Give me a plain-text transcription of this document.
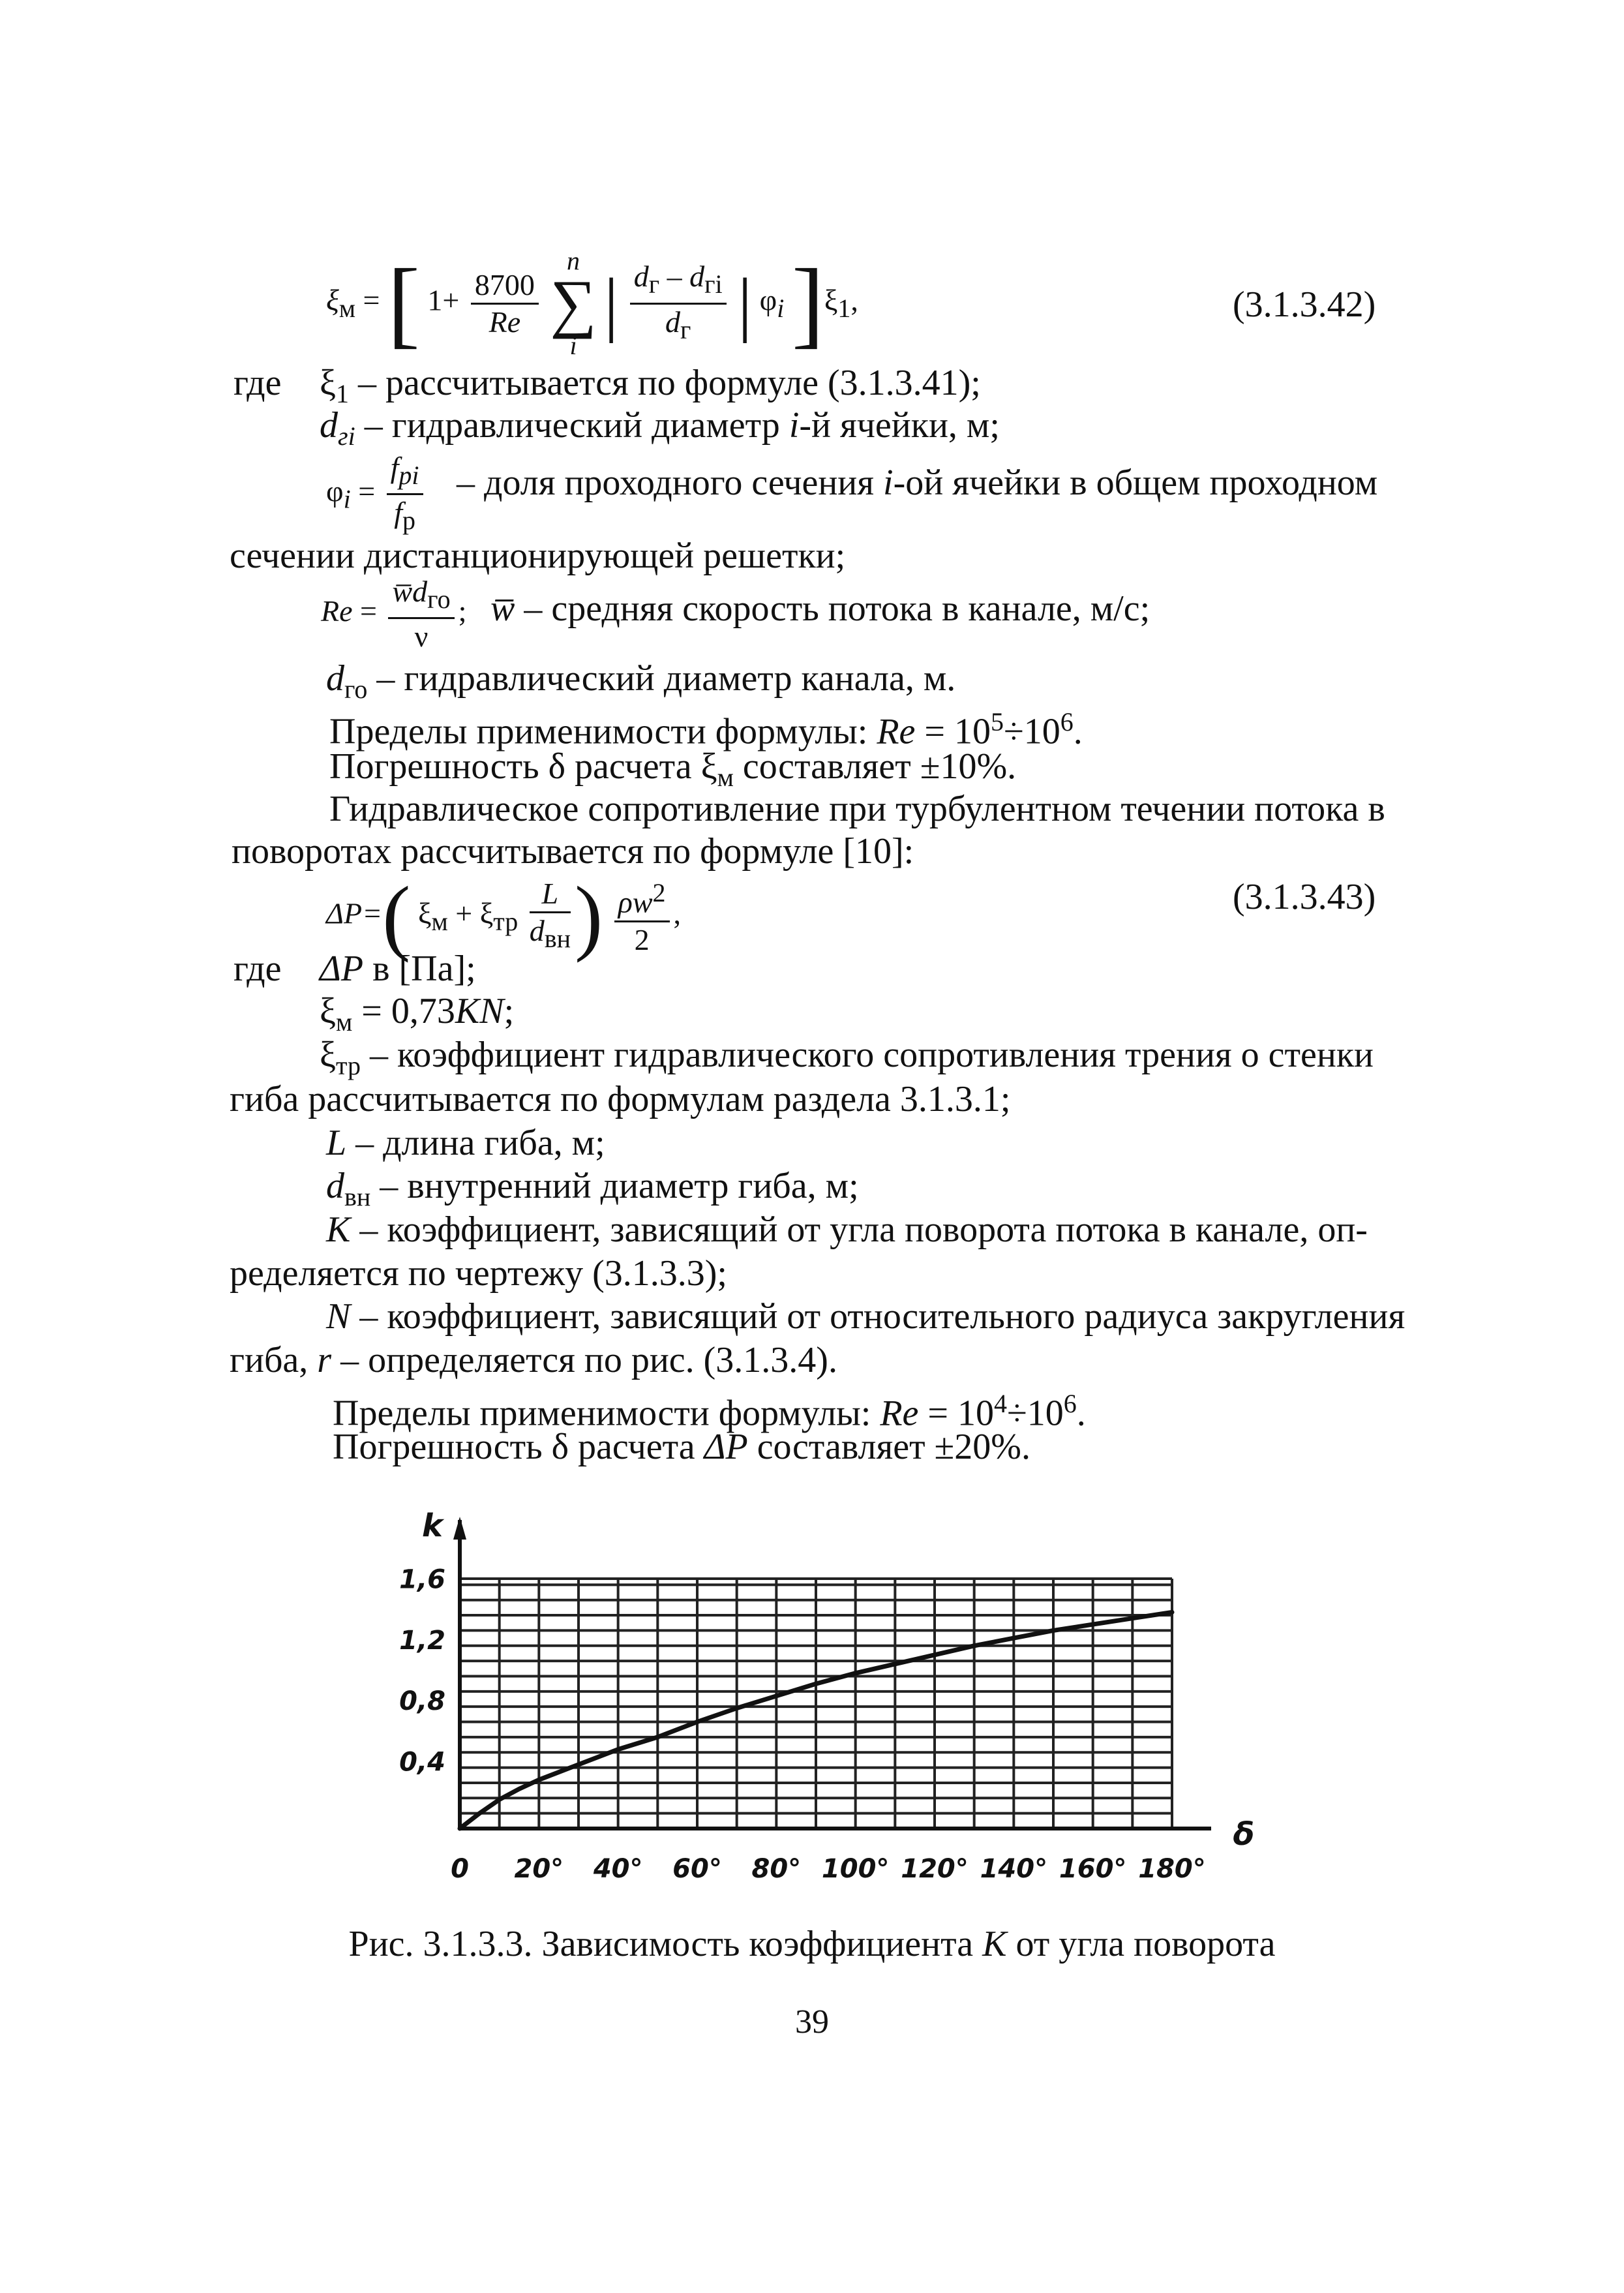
$\xi_м$ = [ $1+ \frac{8700}{Re}$

n
∑
i
| $\frac{d_г - d_{гi}}{d_г}$ | $\varphi_i$ ]$\xi_1$,	(3.1.3.42)
где $\xi_1$ – рассчитывается по формуле (3.1.3.41);
$d_{гi}$ – гидравлический диаметр i-й ячейки, м;
$\varphi_i = \frac{f_{pi}}{f_р}$ – доля проходного сечения i-ой ячейки в общем проходном
сечении дистанционирующей решетки;
$Re = \frac{w̅d_{го}}{\nu}$ ; w̅ – средняя скорость потока в канале, м/с;
$d_{го}$ – гидравлический диаметр канала, м.
Пределы применимости формулы: $Re = 10^5\div 10^6$.
Погрешность δ расчета $\xi_м$ составляет ±10%.
Гидравлическое сопротивление при турбулентном течении потока в
поворотах рассчитывается по формуле [10]:
ΔP=( $\xi_м + \xi_{тр} \frac{L}{d_{вн}}$ ) $\frac{\rho w^2}{2}$ ,	(3.1.3.43)
где ΔP в [Па];
$\xi_м = 0,73KN$;
$\xi_{тр}$ – коэффициент гидравлического сопротивления трения о стенки
гиба рассчитывается по формулам раздела 3.1.3.1;
L – длина гиба, м;
$d_{вн}$ – внутренний диаметр гиба, м;
K – коэффициент, зависящий от угла поворота потока в канале, оп-
ределяется по чертежу (3.1.3.3);
N – коэффициент, зависящий от относительного радиуса закругления
гиба, r – определяется по рис. (3.1.3.4).
Пределы применимости формулы: $Re = 10^4\div 10^6$.
Погрешность δ расчета ΔP составляет ±20%.
0 20° 40° 60° 80° 100° 120° 140° 160° 180°
0,4
0,8
1,2
1,6
k
δ
Рис. 3.1.3.3. Зависимость коэффициента K от угла поворота
39
